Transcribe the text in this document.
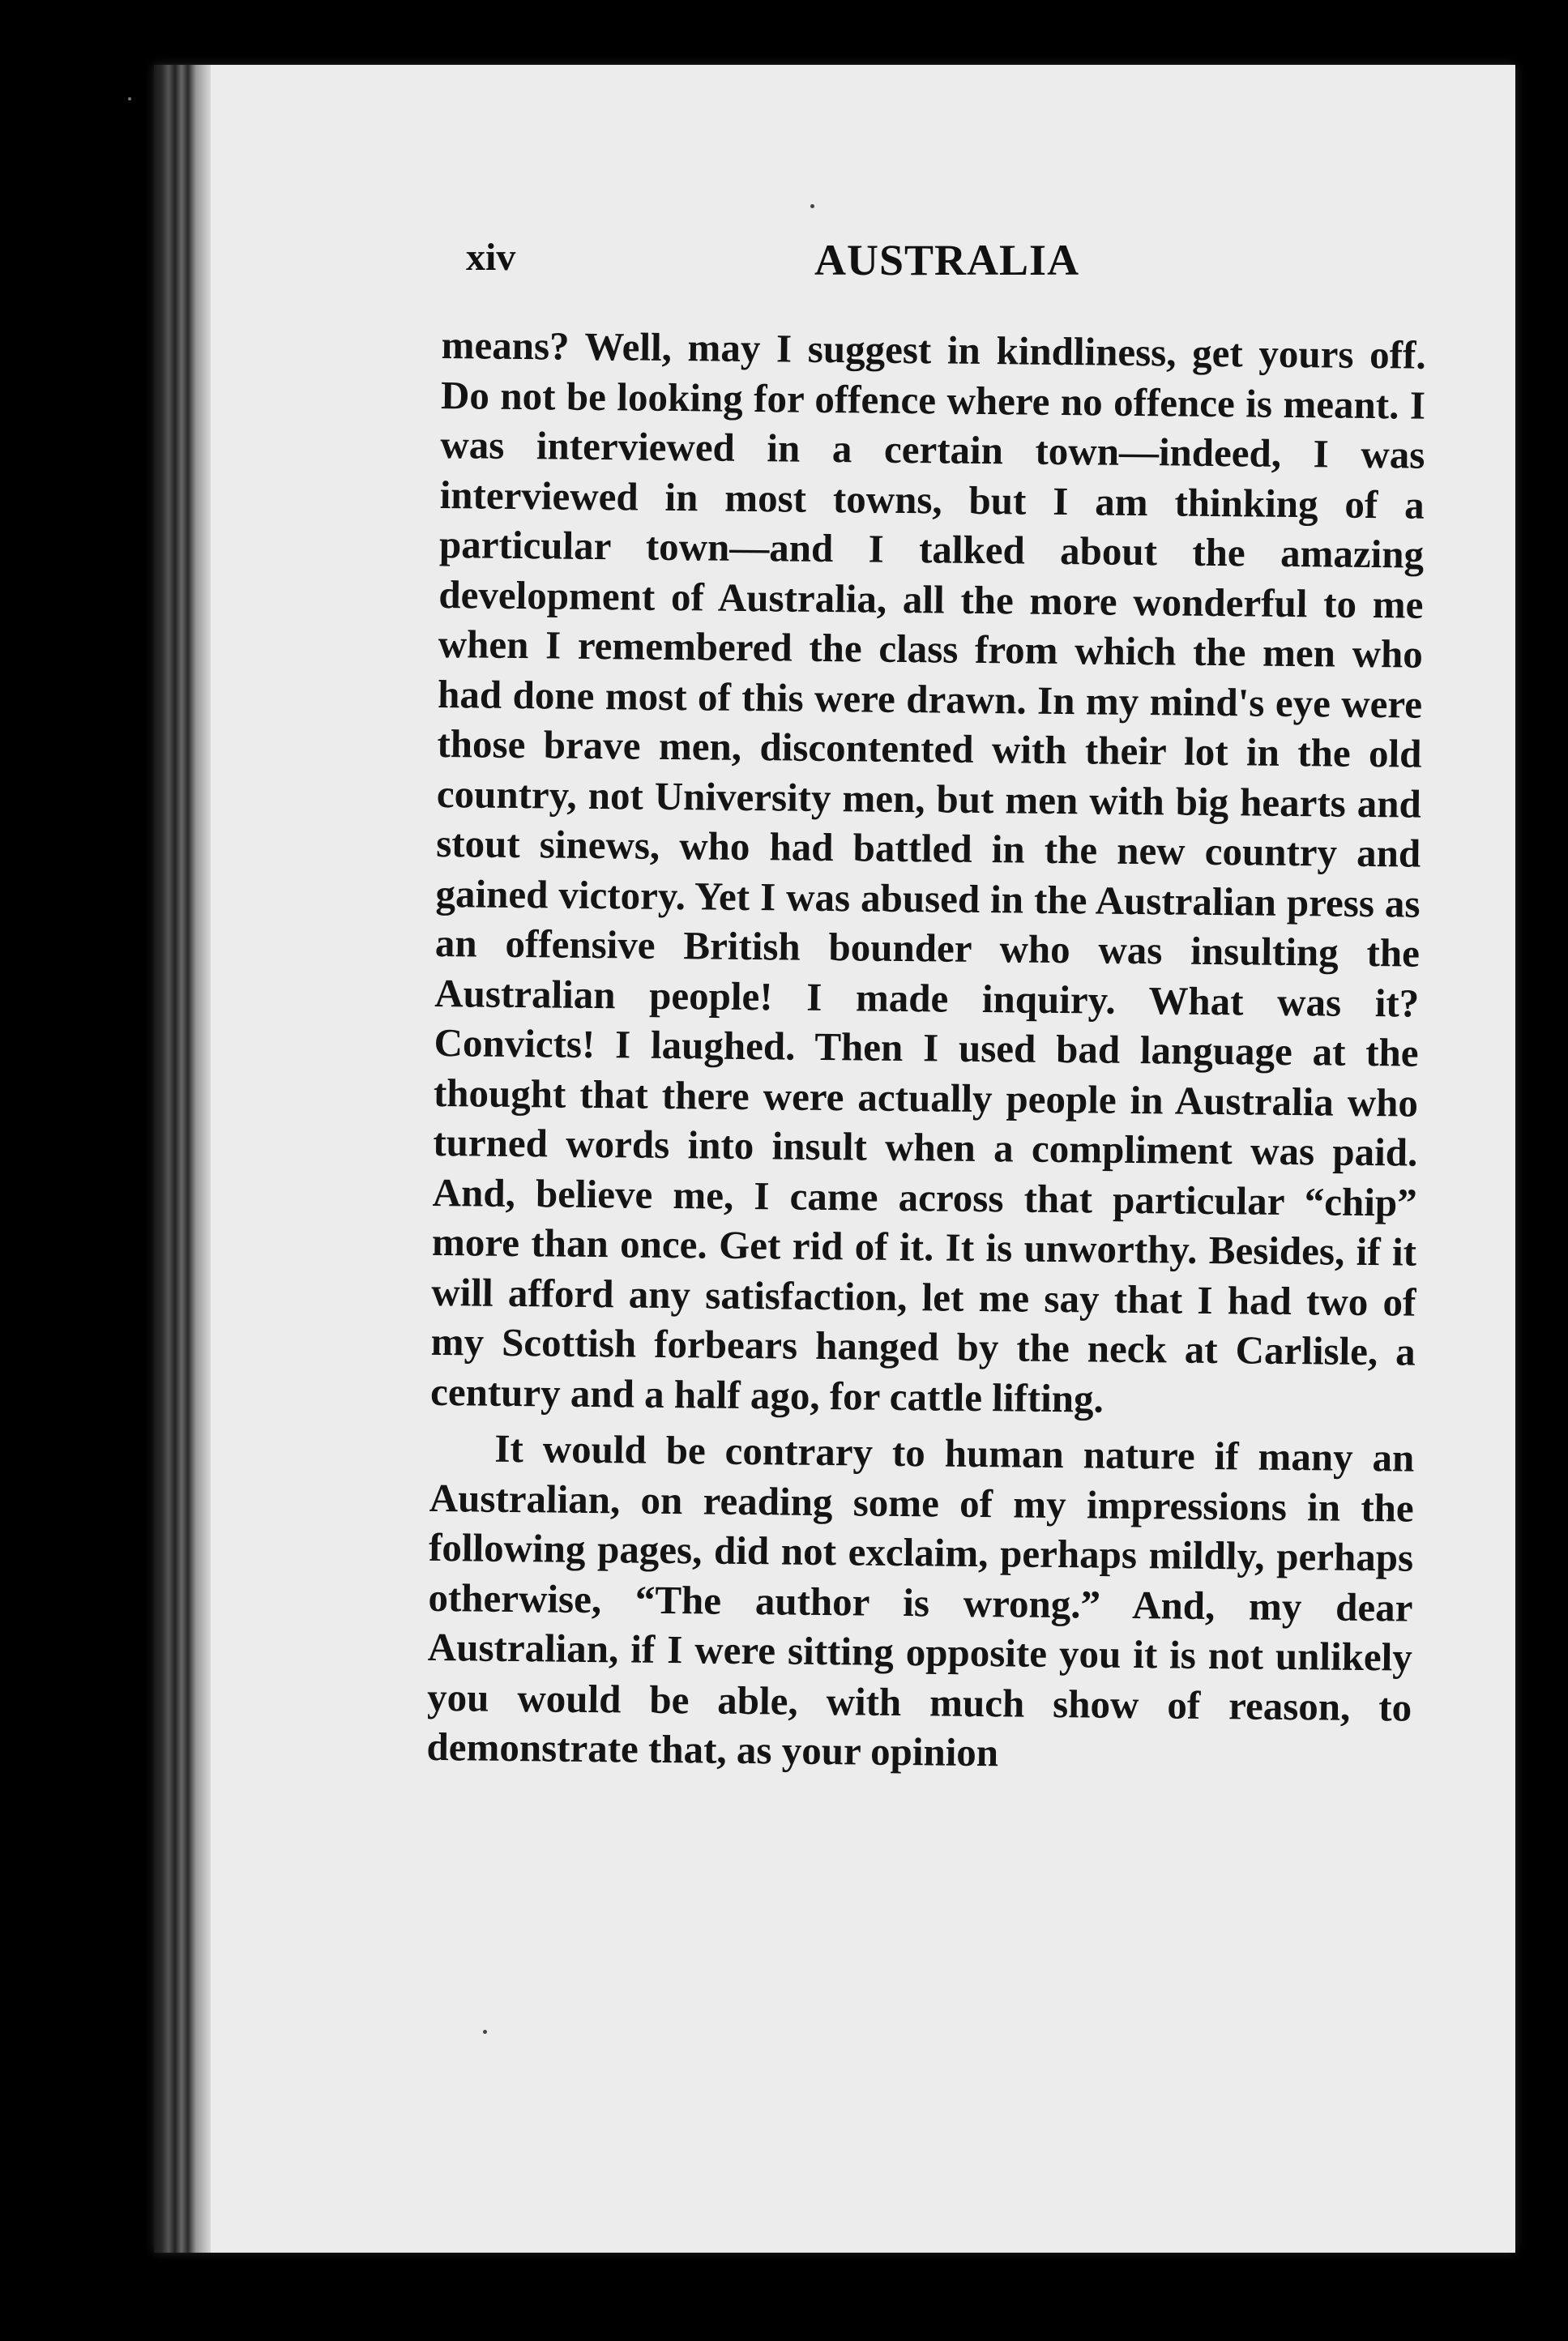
xiv	AUSTRALIA

means? Well, may I suggest in kindliness, get yours off. Do not be looking for offence where no offence is meant. I was interviewed in a certain town—indeed, I was interviewed in most towns, but I am thinking of a particular town—and I talked about the amazing development of Australia, all the more wonderful to me when I remembered the class from which the men who had done most of this were drawn. In my mind's eye were those brave men, discontented with their lot in the old country, not University men, but men with big hearts and stout sinews, who had battled in the new country and gained victory. Yet I was abused in the Australian press as an offensive British bounder who was insulting the Australian people! I made inquiry. What was it? Convicts! I laughed. Then I used bad language at the thought that there were actually people in Australia who turned words into insult when a compliment was paid. And, believe me, I came across that particular “chip” more than once. Get rid of it. It is unworthy. Besides, if it will afford any satisfaction, let me say that I had two of my Scottish forbears hanged by the neck at Carlisle, a century and a half ago, for cattle lifting.

It would be contrary to human nature if many an Australian, on reading some of my impressions in the following pages, did not exclaim, perhaps mildly, perhaps otherwise, “The author is wrong.” And, my dear Australian, if I were sitting opposite you it is not unlikely you would be able, with much show of reason, to demonstrate that, as your opinion
